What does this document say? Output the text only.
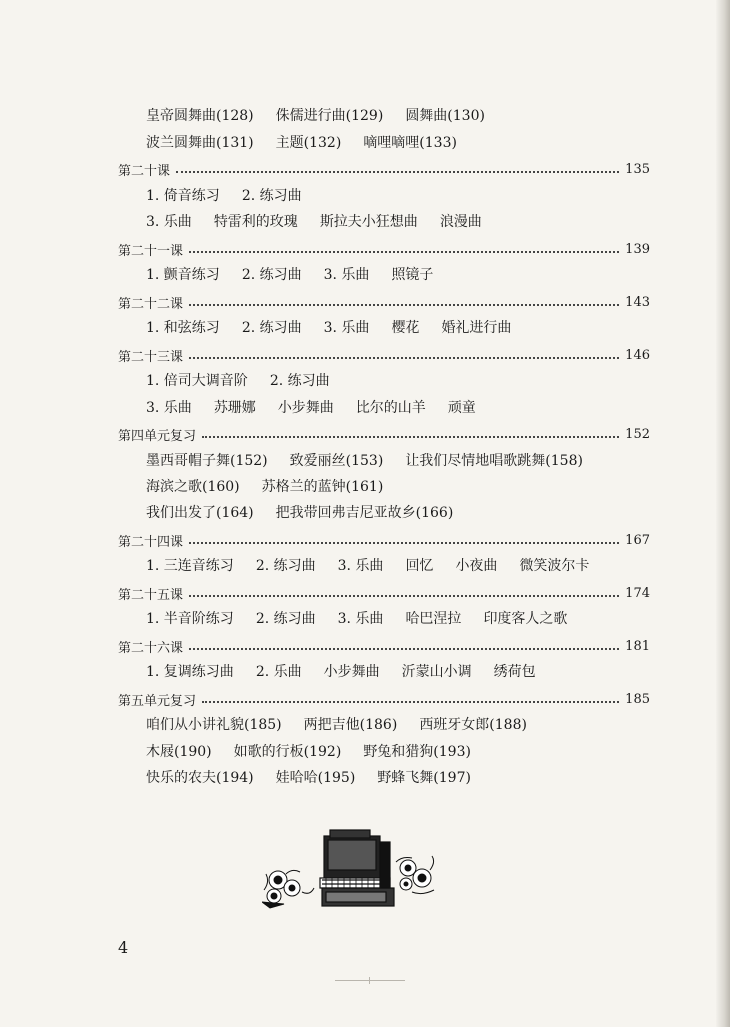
皇帝圆舞曲(128) 侏儒进行曲(129) 圆舞曲(130)
波兰圆舞曲(131) 主题(132) 嘀哩嘀哩(133)
第二十课	135
1. 倚音练习 2. 练习曲
3. 乐曲 特雷利的玫瑰 斯拉夫小狂想曲 浪漫曲
第二十一课	139
1. 颤音练习 2. 练习曲 3. 乐曲 照镜子
第二十二课	143
1. 和弦练习 2. 练习曲 3. 乐曲 樱花 婚礼进行曲
第二十三课	146
1. 倍司大调音阶 2. 练习曲
3. 乐曲 苏珊娜 小步舞曲 比尔的山羊 顽童
第四单元复习	152
墨西哥帽子舞(152) 致爱丽丝(153) 让我们尽情地唱歌跳舞(158)
海滨之歌(160) 苏格兰的蓝钟(161)
我们出发了(164) 把我带回弗吉尼亚故乡(166)
第二十四课	167
1. 三连音练习 2. 练习曲 3. 乐曲 回忆 小夜曲 微笑波尔卡
第二十五课	174
1. 半音阶练习 2. 练习曲 3. 乐曲 哈巴涅拉 印度客人之歌
第二十六课	181
1. 复调练习曲 2. 乐曲 小步舞曲 沂蒙山小调 绣荷包
第五单元复习	185
咱们从小讲礼貌(185) 两把吉他(186) 西班牙女郎(188)
木屐(190) 如歌的行板(192) 野兔和猎狗(193)
快乐的农夫(194) 娃哈哈(195) 野蜂飞舞(197)
4
